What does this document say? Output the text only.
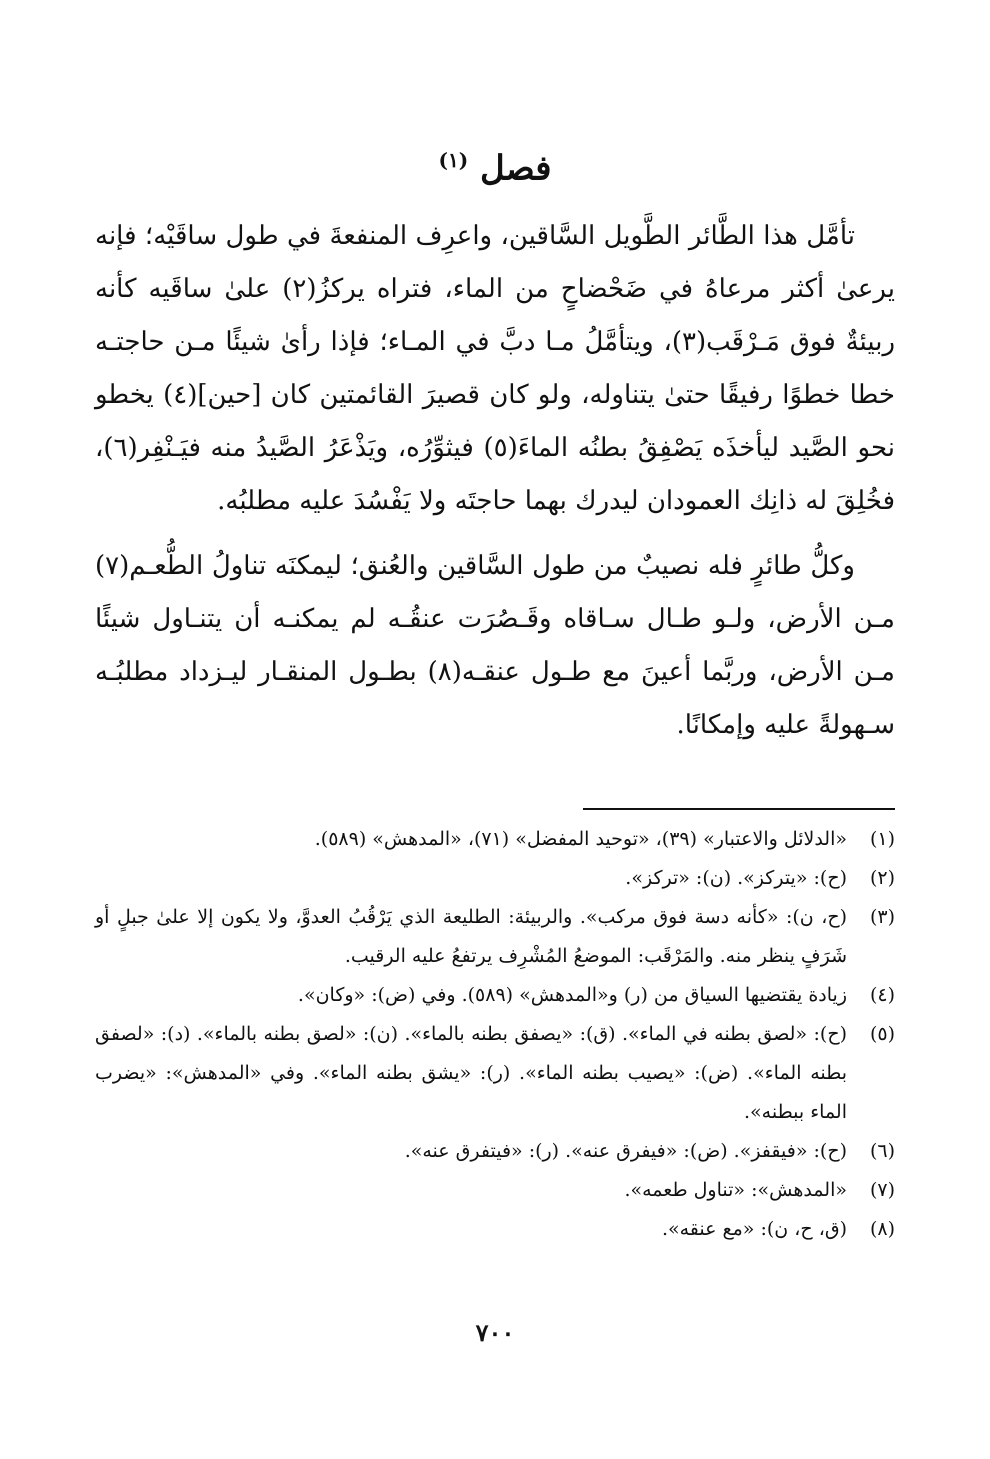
فصل $^{(١)}$

تأمَّل هذا الطَّائر الطَّويل السَّاقين، واعرِف المنفعةَ في طول ساقَيْه؛ فإنه يرعىٰ أكثر مرعاهُ في ضَحْضاحٍ من الماء، فتراه يركزُ(٢) علىٰ ساقَيه كأنه ربيئةٌ فوق مَـرْقَب(٣)، ويتأمَّلُ مـا دبَّ في المـاء؛ فإذا رأىٰ شيئًا مـن حاجتـه خطا خطوًا رفيقًا حتىٰ يتناوله، ولو كان قصيرَ القائمتين كان [حين](٤) يخطو نحو الصَّيد ليأخذَه يَصْفِقُ بطنُه الماءَ(٥) فيثوِّرُه، ويَذْعَرُ الصَّيدُ منه فيَـنْفِر(٦)، فخُلِقَ له ذانِك العمودان ليدرك بهما حاجتَه ولا يَفْسُدَ عليه مطلبُه.

وكلُّ طائرٍ فله نصيبٌ من طول السَّاقين والعُنق؛ ليمكنَه تناولُ الطُّعـم(٧) مـن الأرض، ولـو طـال سـاقاه وقَـصُرَت عنقُـه لم يمكنـه أن يتنـاول شيئًا مـن الأرض، وربَّما أعينَ مع طـول عنقـه(٨) بطـول المنقـار ليـزداد مطلبُـه سـهولةً عليه وإمكانًا.

(١)
«الدلائل والاعتبار» (٣٩)، «توحيد المفضل» (٧١)، «المدهش» (٥٨٩).
(٢)
(ح): «يتركز». (ن): «تركز».
(٣)
(ح، ن): «كأنه دسة فوق مركب». والربيئة: الطليعة الذي يَرْقُبُ العدوَّ، ولا يكون إلا علىٰ جبلٍ أو شَرَفٍ ينظر منه. والمَرْقَب: الموضعُ المُشْرِف يرتفعُ عليه الرقيب.
(٤)
زيادة يقتضيها السياق من (ر) و«المدهش» (٥٨٩). وفي (ض): «وكان».
(٥)
(ح): «لصق بطنه في الماء». (ق): «يصفق بطنه بالماء». (ن): «لصق بطنه بالماء». (د): «لصفق بطنه الماء». (ض): «يصيب بطنه الماء». (ر): «يشق بطنه الماء». وفي «المدهش»: «يضرب الماء ببطنه».
(٦)
(ح): «فيقفز». (ض): «فيفرق عنه». (ر): «فيتفرق عنه».
(٧)
«المدهش»: «تناول طعمه».
(٨)
(ق، ح، ن): «مع عنقه».
٧٠٠
